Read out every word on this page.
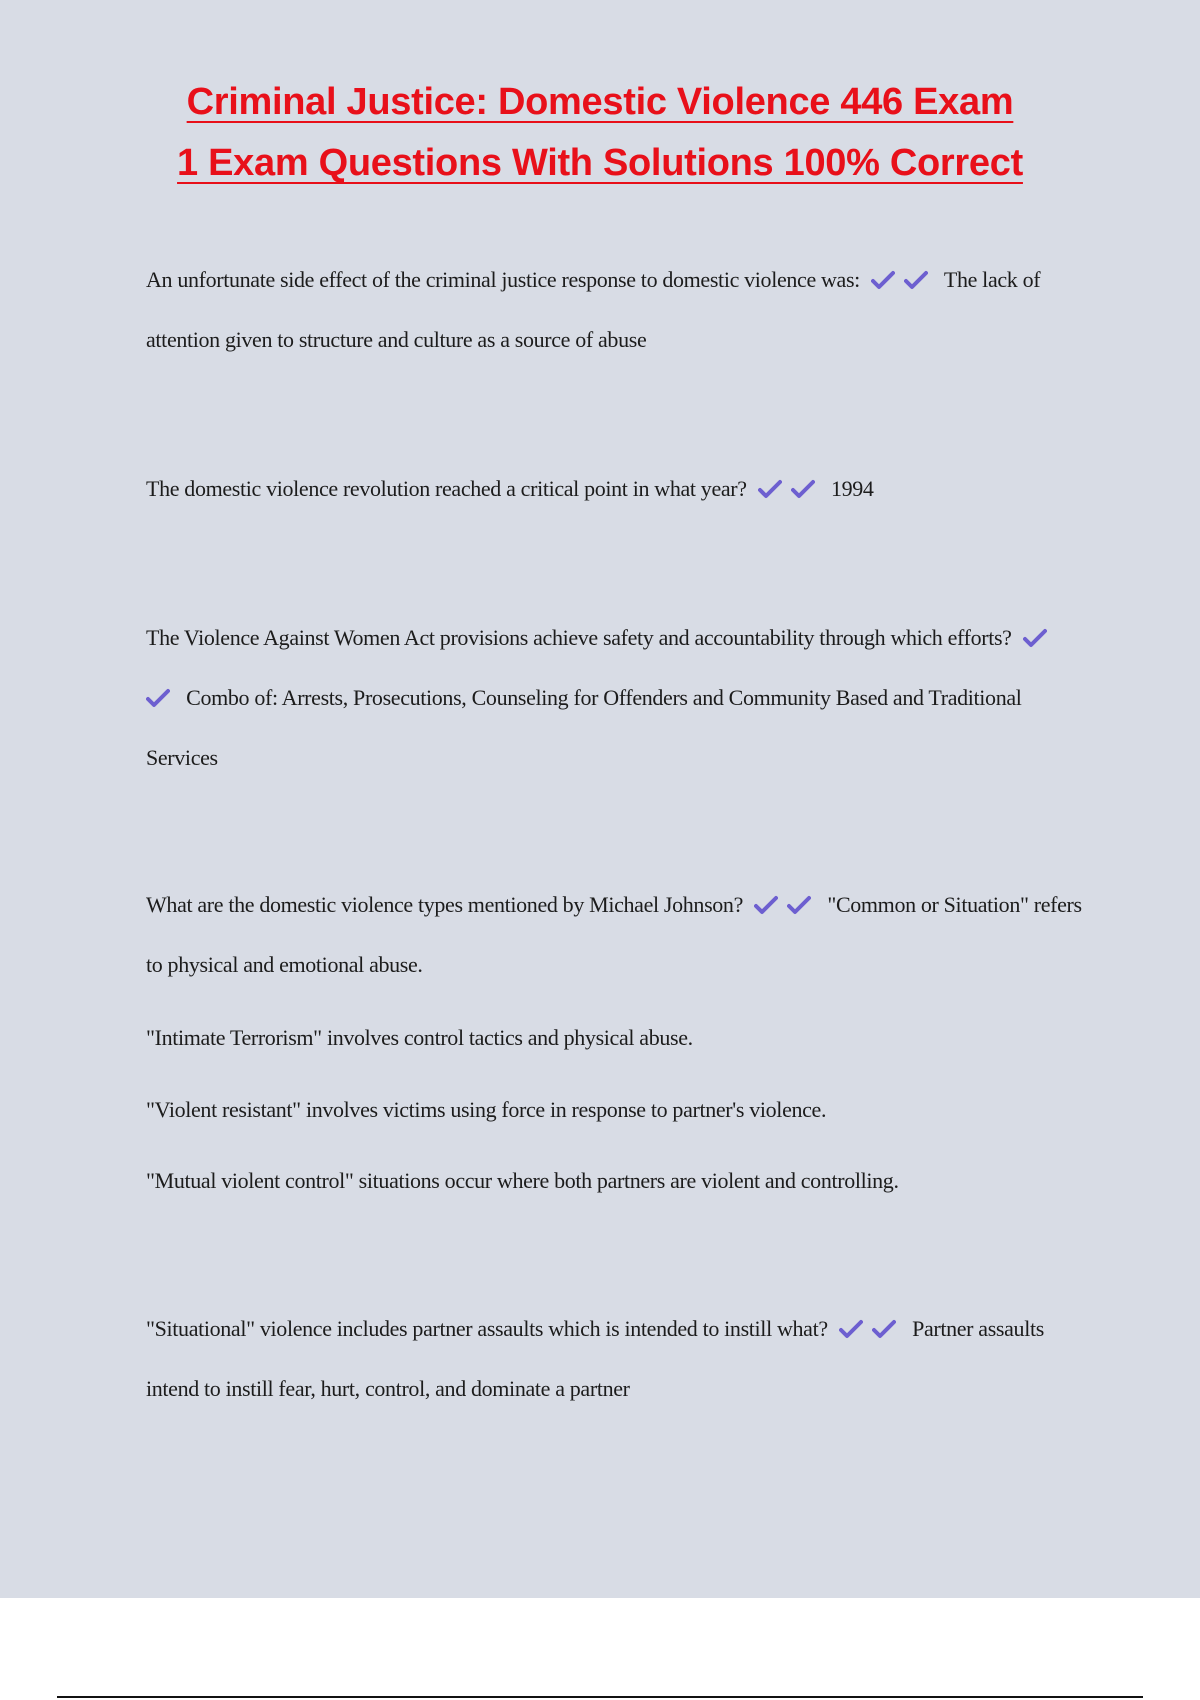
Criminal Justice: Domestic Violence 446 Exam
1 Exam Questions With Solutions 100% Correct

An unfortunate side effect of the criminal justice response to domestic violence was:	The lack of attention given to structure and culture as a source of abuse

The domestic violence revolution reached a critical point in what year?	1994

The Violence Against Women Act provisions achieve safety and accountability through which efforts?
Combo of: Arrests, Prosecutions, Counseling for Offenders and Community Based and Traditional Services

What are the domestic violence types mentioned by Michael Johnson?	"Common or Situation" refers to physical and emotional abuse.

"Intimate Terrorism" involves control tactics and physical abuse.

"Violent resistant" involves victims using force in response to partner's violence.

"Mutual violent control" situations occur where both partners are violent and controlling.

"Situational" violence includes partner assaults which is intended to instill what?	Partner assaults intend to instill fear, hurt, control, and dominate a partner
